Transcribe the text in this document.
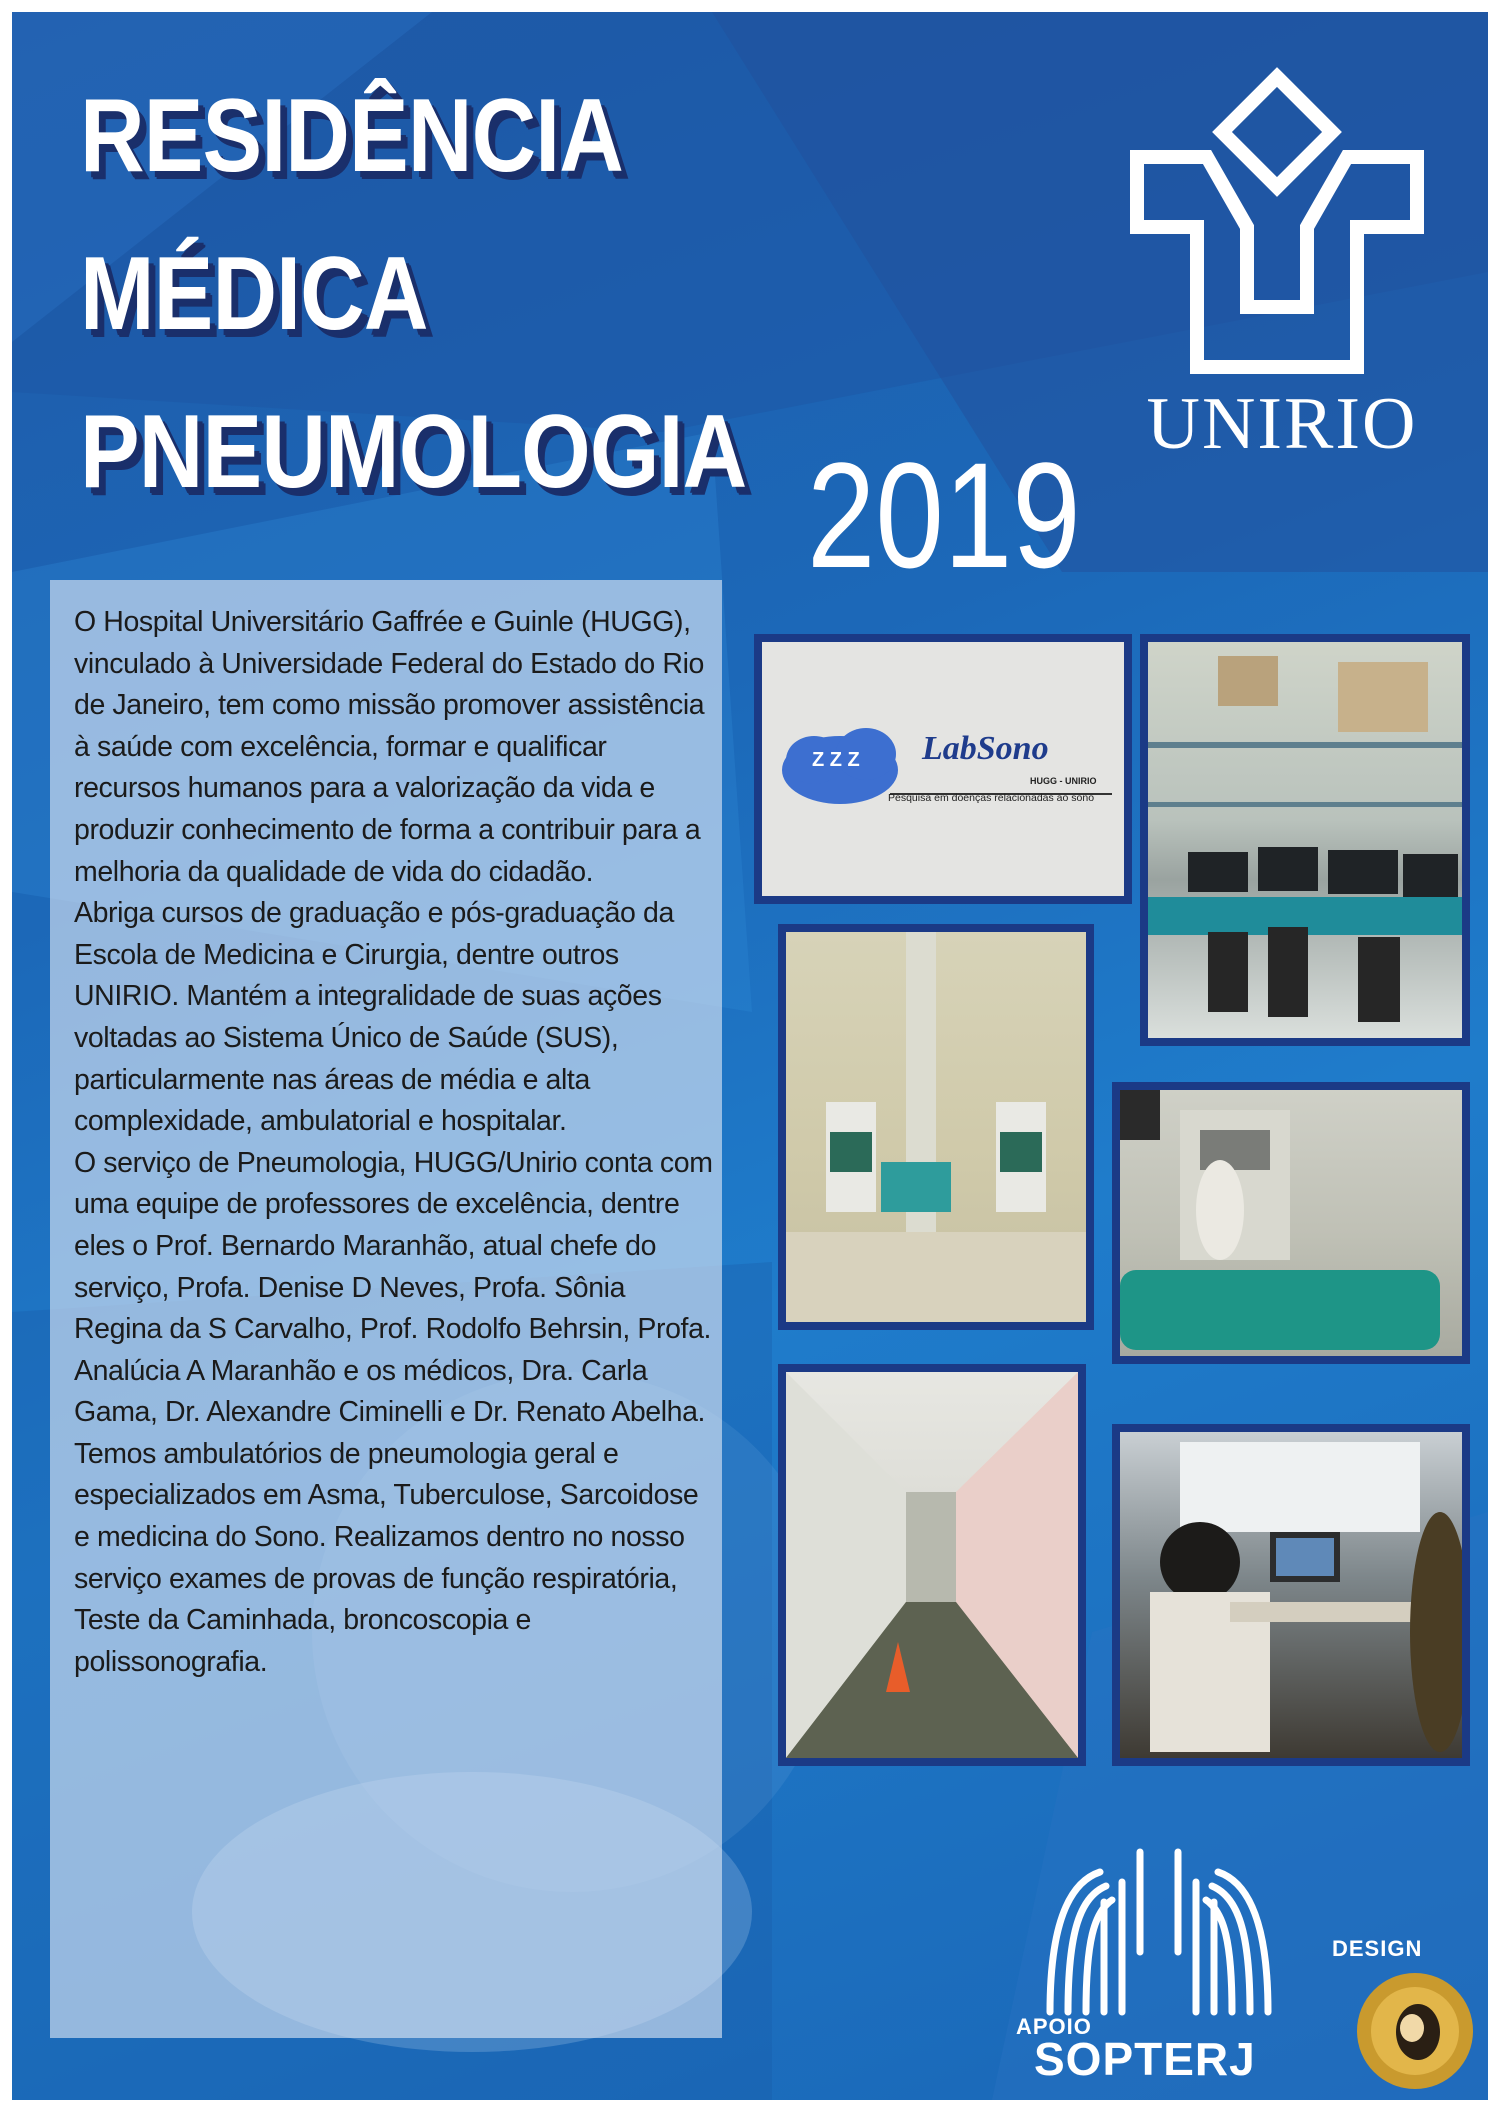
RESIDÊNCIA
MÉDICA
PNEUMOLOGIA 2019
UNIRIO

O Hospital Universitário Gaffrée e Guinle (HUGG), vinculado à Universidade Federal do Estado do Rio de Janeiro, tem como missão promover assistência à saúde com excelência, formar e qualificar recursos humanos para a valorização da vida e produzir conhecimento de forma a contribuir para a melhoria da qualidade de vida do cidadão.

Abriga cursos de graduação e pós-graduação da Escola de Medicina e Cirurgia, dentre outros UNIRIO. Mantém a integralidade de suas ações voltadas ao Sistema Único de Saúde (SUS), particularmente nas áreas de média e alta complexidade, ambulatorial e hospitalar.

O serviço de Pneumologia, HUGG/Unirio conta com uma equipe de professores de excelência, dentre eles o Prof. Bernardo Maranhão, atual chefe do serviço, Profa. Denise D Neves, Profa. Sônia Regina da S Carvalho, Prof. Rodolfo Behrsin, Profa. Analúcia A Maranhão e os médicos, Dra. Carla Gama, Dr. Alexandre Ciminelli e Dr. Renato Abelha. Temos ambulatórios de pneumologia geral e especializados em Asma, Tuberculose, Sarcoidose e medicina do Sono. Realizamos dentro no nosso serviço exames de provas de função respiratória, Teste da Caminhada, broncoscopia e polissonografia.

Z Z Z LabSono
HUGG - UNIRIO
Pesquisa em doenças relacionadas ao sono
APOIO
SOPTERJ
DESIGN
